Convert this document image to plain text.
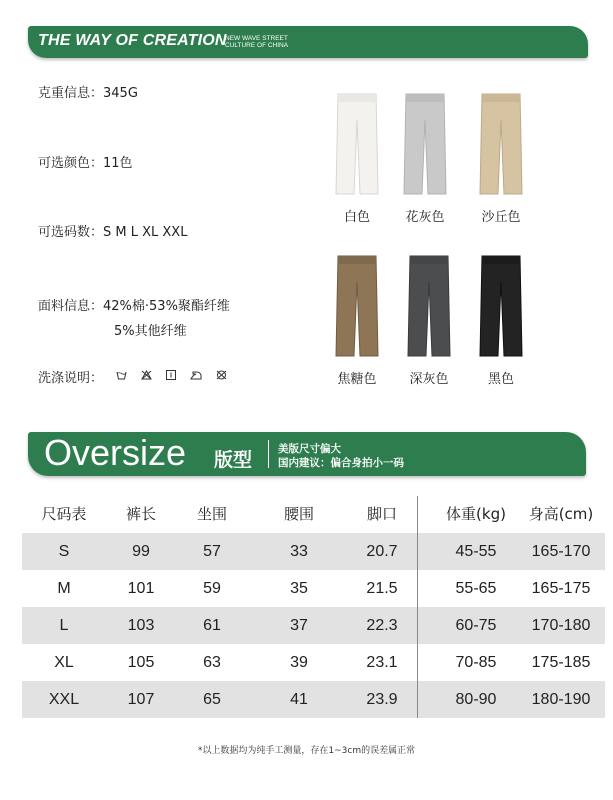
THE WAY OF CREATION
NEW WAVE STREET
CULTURE OF CHINA
克重信息：345G
可选颜色：11色
可选码数：S M L XL XXL
面料信息：42%棉·53%聚酯纤维
5%其他纤维
洗涤说明：
白色	花灰色	沙丘色
焦糖色	深灰色	黑色
Oversize 版型 美版尺寸偏大
国内建议：偏合身拍小一码
尺码表	裤长	坐围	腰围	脚口	体重(kg)	身高(cm)
S	99	57	33	20.7	45-55	165-170
M	101	59	35	21.5	55-65	165-175
L	103	61	37	22.3	60-75	170-180
XL	105	63	39	23.1	70-85	175-185
XXL	107	65	41	23.9	80-90	180-190
*以上数据均为纯手工测量，存在1~3cm的误差属正常
